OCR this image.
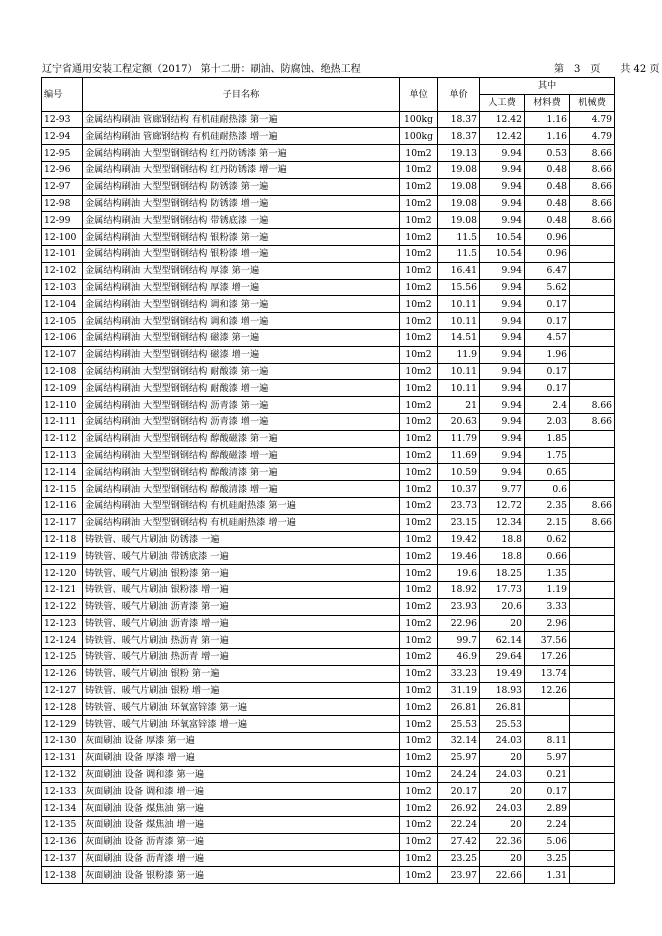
辽宁省通用安装工程定额（2017） 第十二册：刷油、防腐蚀、绝热工程	第　3　页　　共 42 页
编号	子目名称	单位	单价	其中		
				人工费	材料费	机械费
12-93	金属结构刷油 管廊钢结构 有机硅耐热漆 第一遍	100kg	18.37	12.42	1.16	4.79
12-94	金属结构刷油 管廊钢结构 有机硅耐热漆 增一遍	100kg	18.37	12.42	1.16	4.79
12-95	金属结构刷油 大型型钢钢结构 红丹防锈漆 第一遍	10m2	19.13	9.94	0.53	8.66
12-96	金属结构刷油 大型型钢钢结构 红丹防锈漆 增一遍	10m2	19.08	9.94	0.48	8.66
12-97	金属结构刷油 大型型钢钢结构 防锈漆 第一遍	10m2	19.08	9.94	0.48	8.66
12-98	金属结构刷油 大型型钢钢结构 防锈漆 增一遍	10m2	19.08	9.94	0.48	8.66
12-99	金属结构刷油 大型型钢钢结构 带锈底漆 一遍	10m2	19.08	9.94	0.48	8.66
12-100	金属结构刷油 大型型钢钢结构 银粉漆 第一遍	10m2	11.5	10.54	0.96	
12-101	金属结构刷油 大型型钢钢结构 银粉漆 增一遍	10m2	11.5	10.54	0.96	
12-102	金属结构刷油 大型型钢钢结构 厚漆 第一遍	10m2	16.41	9.94	6.47	
12-103	金属结构刷油 大型型钢钢结构 厚漆 增一遍	10m2	15.56	9.94	5.62	
12-104	金属结构刷油 大型型钢钢结构 调和漆 第一遍	10m2	10.11	9.94	0.17	
12-105	金属结构刷油 大型型钢钢结构 调和漆 增一遍	10m2	10.11	9.94	0.17	
12-106	金属结构刷油 大型型钢钢结构 磁漆 第一遍	10m2	14.51	9.94	4.57	
12-107	金属结构刷油 大型型钢钢结构 磁漆 增一遍	10m2	11.9	9.94	1.96	
12-108	金属结构刷油 大型型钢钢结构 耐酸漆 第一遍	10m2	10.11	9.94	0.17	
12-109	金属结构刷油 大型型钢钢结构 耐酸漆 增一遍	10m2	10.11	9.94	0.17	
12-110	金属结构刷油 大型型钢钢结构 沥青漆 第一遍	10m2	21	9.94	2.4	8.66
12-111	金属结构刷油 大型型钢钢结构 沥青漆 增一遍	10m2	20.63	9.94	2.03	8.66
12-112	金属结构刷油 大型型钢钢结构 醇酸磁漆 第一遍	10m2	11.79	9.94	1.85	
12-113	金属结构刷油 大型型钢钢结构 醇酸磁漆 增一遍	10m2	11.69	9.94	1.75	
12-114	金属结构刷油 大型型钢钢结构 醇酸清漆 第一遍	10m2	10.59	9.94	0.65	
12-115	金属结构刷油 大型型钢钢结构 醇酸清漆 增一遍	10m2	10.37	9.77	0.6	
12-116	金属结构刷油 大型型钢钢结构 有机硅耐热漆 第一遍	10m2	23.73	12.72	2.35	8.66
12-117	金属结构刷油 大型型钢钢结构 有机硅耐热漆 增一遍	10m2	23.15	12.34	2.15	8.66
12-118	铸铁管、暖气片刷油 防锈漆 一遍	10m2	19.42	18.8	0.62	
12-119	铸铁管、暖气片刷油 带锈底漆 一遍	10m2	19.46	18.8	0.66	
12-120	铸铁管、暖气片刷油 银粉漆 第一遍	10m2	19.6	18.25	1.35	
12-121	铸铁管、暖气片刷油 银粉漆 增一遍	10m2	18.92	17.73	1.19	
12-122	铸铁管、暖气片刷油 沥青漆 第一遍	10m2	23.93	20.6	3.33	
12-123	铸铁管、暖气片刷油 沥青漆 增一遍	10m2	22.96	20	2.96	
12-124	铸铁管、暖气片刷油 热沥青 第一遍	10m2	99.7	62.14	37.56	
12-125	铸铁管、暖气片刷油 热沥青 增一遍	10m2	46.9	29.64	17.26	
12-126	铸铁管、暖气片刷油 银粉 第一遍	10m2	33.23	19.49	13.74	
12-127	铸铁管、暖气片刷油 银粉 增一遍	10m2	31.19	18.93	12.26	
12-128	铸铁管、暖气片刷油 环氧富锌漆 第一遍	10m2	26.81	26.81		
12-129	铸铁管、暖气片刷油 环氧富锌漆 增一遍	10m2	25.53	25.53		
12-130	灰面刷油 设备 厚漆 第一遍	10m2	32.14	24.03	8.11	
12-131	灰面刷油 设备 厚漆 增一遍	10m2	25.97	20	5.97	
12-132	灰面刷油 设备 调和漆 第一遍	10m2	24.24	24.03	0.21	
12-133	灰面刷油 设备 调和漆 增一遍	10m2	20.17	20	0.17	
12-134	灰面刷油 设备 煤焦油 第一遍	10m2	26.92	24.03	2.89	
12-135	灰面刷油 设备 煤焦油 增一遍	10m2	22.24	20	2.24	
12-136	灰面刷油 设备 沥青漆 第一遍	10m2	27.42	22.36	5.06	
12-137	灰面刷油 设备 沥青漆 增一遍	10m2	23.25	20	3.25	
12-138	灰面刷油 设备 银粉漆 第一遍	10m2	23.97	22.66	1.31	
